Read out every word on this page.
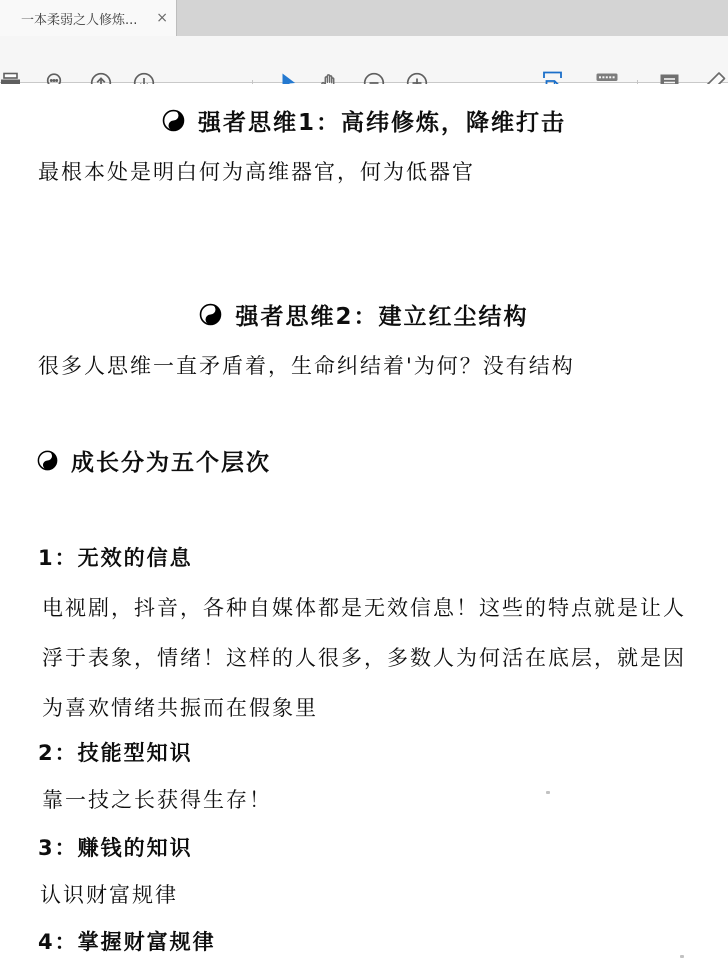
一本柔弱之人修炼...	×
8
强者思维1：高纬修炼，降维打击
最根本处是明白何为高维器官，何为低器官
强者思维2：建立红尘结构
很多人思维一直矛盾着，生命纠结着'为何？没有结构
成长分为五个层次
1：无效的信息
电视剧，抖音，各种自媒体都是无效信息！这些的特点就是让人
浮于表象，情绪！这样的人很多，多数人为何活在底层，就是因
为喜欢情绪共振而在假象里
2：技能型知识
靠一技之长获得生存！
3：赚钱的知识
认识财富规律
4：掌握财富规律
